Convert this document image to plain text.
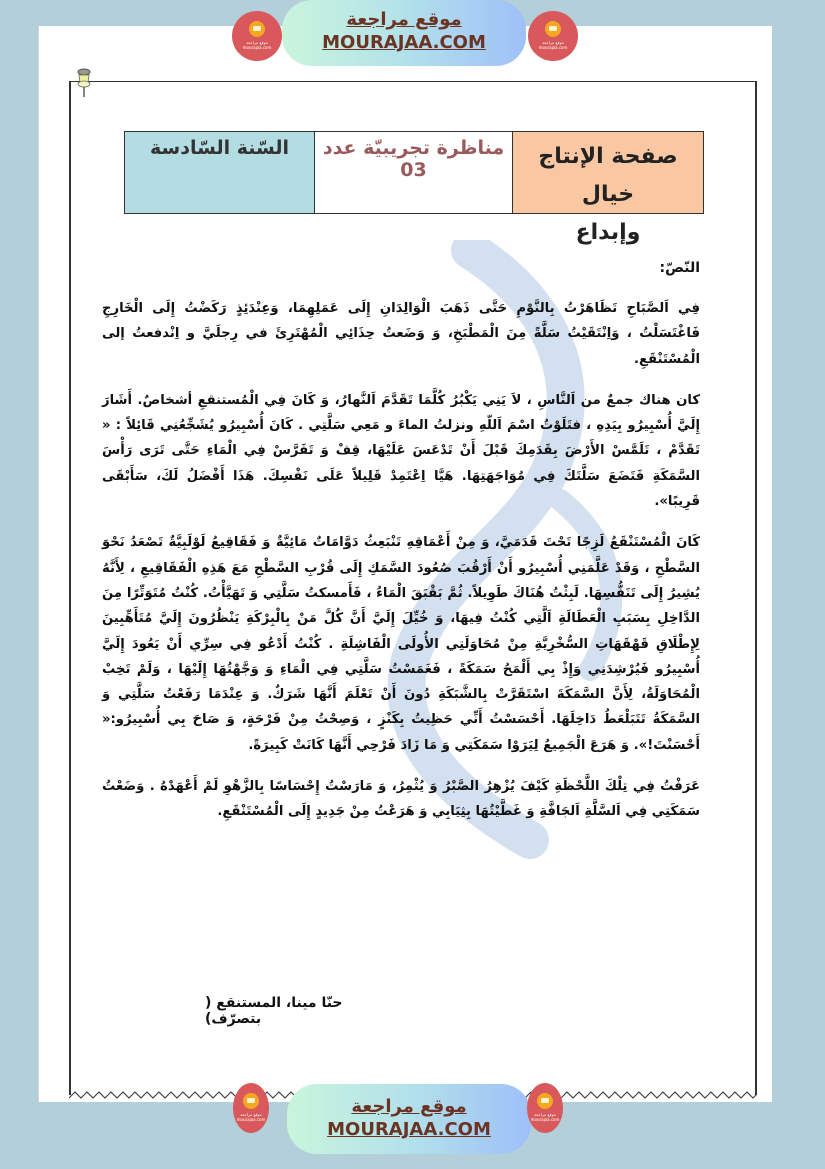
صفحة الإنتاج خيال
وإبداع
مناظرة تجريبيّة عدد 03
السّنة السّادسة

النّصّ:

فِي اَلصَّبَاحِ تَظَاهَرْتُ بِالنَّوْمِ حَتَّى ذَهَبَ الْوَالِدَانِ إِلَى عَمَلِهِمَا، وَعِنْدَئِذٍ رَكَضْتُ إِلَى الْخَارِجِ فَاغْتَسَلْتُ ، وَاِنْتَقَيْتُ سَلَّةً مِنَ الْمَطْبَخِ، وَ وَضَعتُ حِذَائِي الْمُهْتَرِئَ في رِجلَيَّ و اِنْدفعتُ إلى الْمُسْتَنْقَعِ.

كان هناك جمعٌ من اَلنَّاسِ ، لاَ يَنِي يَكْبُرُ كُلَّمَا تَقَدَّمَ اَلنَّهارُ، وَ كَانَ فِي الْمُستنقعِ أشخاصٌ. أَشَارَ إِلَيَّ أُسْبِيرُو بِيَدِهِ ، فتَلَوْتُ اسْمَ اَللّهِ ونزلتُ الماءَ و مَعِي سَلَّتِي . كَانَ أُسْبِيرُو يُشَجِّعُنِي قَائِلاً : « تَقَدَّمْ ، تَلَمَّسْ الأَرْضَ بِقَدَمِكَ قَبْلَ أَنْ تَدْعَسَ عَلَيْهَا، قِفْ وَ تَفَرَّسْ فِي الْمَاءِ حَتَّى تَرَى رَأْسَ السَّمَكَةِ فَتَضَعَ سَلَّتَكَ فِي مُوَاجَهَتِهَا. هَيَّا اِعْتَمِدْ قَلِيلاً عَلَى نَفْسِكَ. هَذَا أَفْضَلُ لَكَ، سَأَبْقَى قَرِيبًا».

كَانَ الْمُسْتَنْقَعُ لَزِجًا تَحْتَ قَدَمَيَّ، وَ مِنْ أَعْمَاقِهِ تَنْبَعِثُ دَوَّامَاتٌ مَائِيَّةٌ وَ فَقَاقِيعُ لَوْلَبِيَّةٌ تَصْعَدُ نَحْوَ السَّطْحِ ، وَقَدْ عَلَّمَنِي أُسْبِيرُو أَنْ أَرْقُبَ صُعُودَ السَّمَكِ إِلَى قُرْبِ السَّطْحِ مَعَ هَذِهِ الْفَقَاقِيعِ ، لِأَنَّهُ يُشِيرُ إِلَى تَنَفُّسِهَا. لَبِثْتُ هُنَاكَ طَوِيلاً. ثُمَّ بَقْبَقَ الْمَاءُ ، فَأَمسكتُ سَلَّتِي وَ تَهَيَّأْتُ. كُنْتُ مُتَوَتِّرًا مِنَ الدَّاخِلِ بِسَبَبِ الْعَطَالَةِ اَلَّتِي كُنْتُ فِيهَا، وَ خُيِّلَ إِلَيَّ أَنَّ كُلَّ مَنْ بِالْبِرْكَةِ يَنْظُرُونَ إِلَيَّ مُتَأَهِّبِينَ لِإِطْلَاقِ قَهْقَهَاتِ السُّخْرِيَّةِ مِنْ مُحَاوَلَتِي الأُولَى الْفَاشِلَةِ . كُنْتُ أَدْعُو فِي سِرِّي أَنْ يَعُودَ إِلَيَّ أُسْبِيرُو فَيُرْشِدَنِي وَإِذْ بِي أَلْمَحُ سَمَكَةً ، فَغَمَسْتُ سَلَّتِي فِي الْمَاءِ وَ وَجَّهْتُهَا إِلَيْهَا ، وَلَمْ تَخِبْ الْمُحَاوَلَةُ، لِأَنَّ السَّمَكَةَ اسْتَقَرَّتْ بِالشَّبَكَةِ دُونَ أَنْ تَعْلَمَ أَنَّهَا شَرَكٌ. وَ عِنْدَمَا رَفَعْتُ سَلَّتِي وَ السَّمَكَةُ تَتَبَلْعَطُ دَاخِلَهَا. أَحْسَسْتُ أَنِّي حَظِيتُ بِكَنْزٍ ، وَصِحْتُ مِنْ فَرْحَةٍ، وَ صَاحَ بِي أُسْبِيرُو:« أَحْسَنْتَ!». وَ هَرَعَ الْجَمِيعُ لِيَرَوْا سَمَكَتِي وَ مَا زَادَ فَرْحِي أَنَّهَا كَانَتْ كَبِيرَةً.

عَرَفْتُ فِي تِلْكَ اللَّحْظَةِ كَيْفَ يُزْهِرُ الصَّبْرُ وَ يُثْمِرُ، وَ مَارَسْتُ إِحْسَاسًا بِالزَّهْوِ لَمْ أَعْهَدْهُ . وَضَعْتُ سَمَكَتِي فِي اَلسَّلَّةِ اَلجَافَّةِ وَ غَطَّيْتُهَا بِثِيَابِي وَ هَرَعْتُ مِنْ جَدِيدٍ إِلَى الْمُسْتَنْقَعِ.

حنّا مينا، المستنقع ( بتصرّف)
موقع مراجعة
mourajaa.com
موقع مراجعة
MOURAJAA.COM	موقع مراجعة
mourajaa.com
موقع مراجعة
mourajaa.com
موقع مراجعة
MOURAJAA.COM
موقع مراجعة
mourajaa.com
